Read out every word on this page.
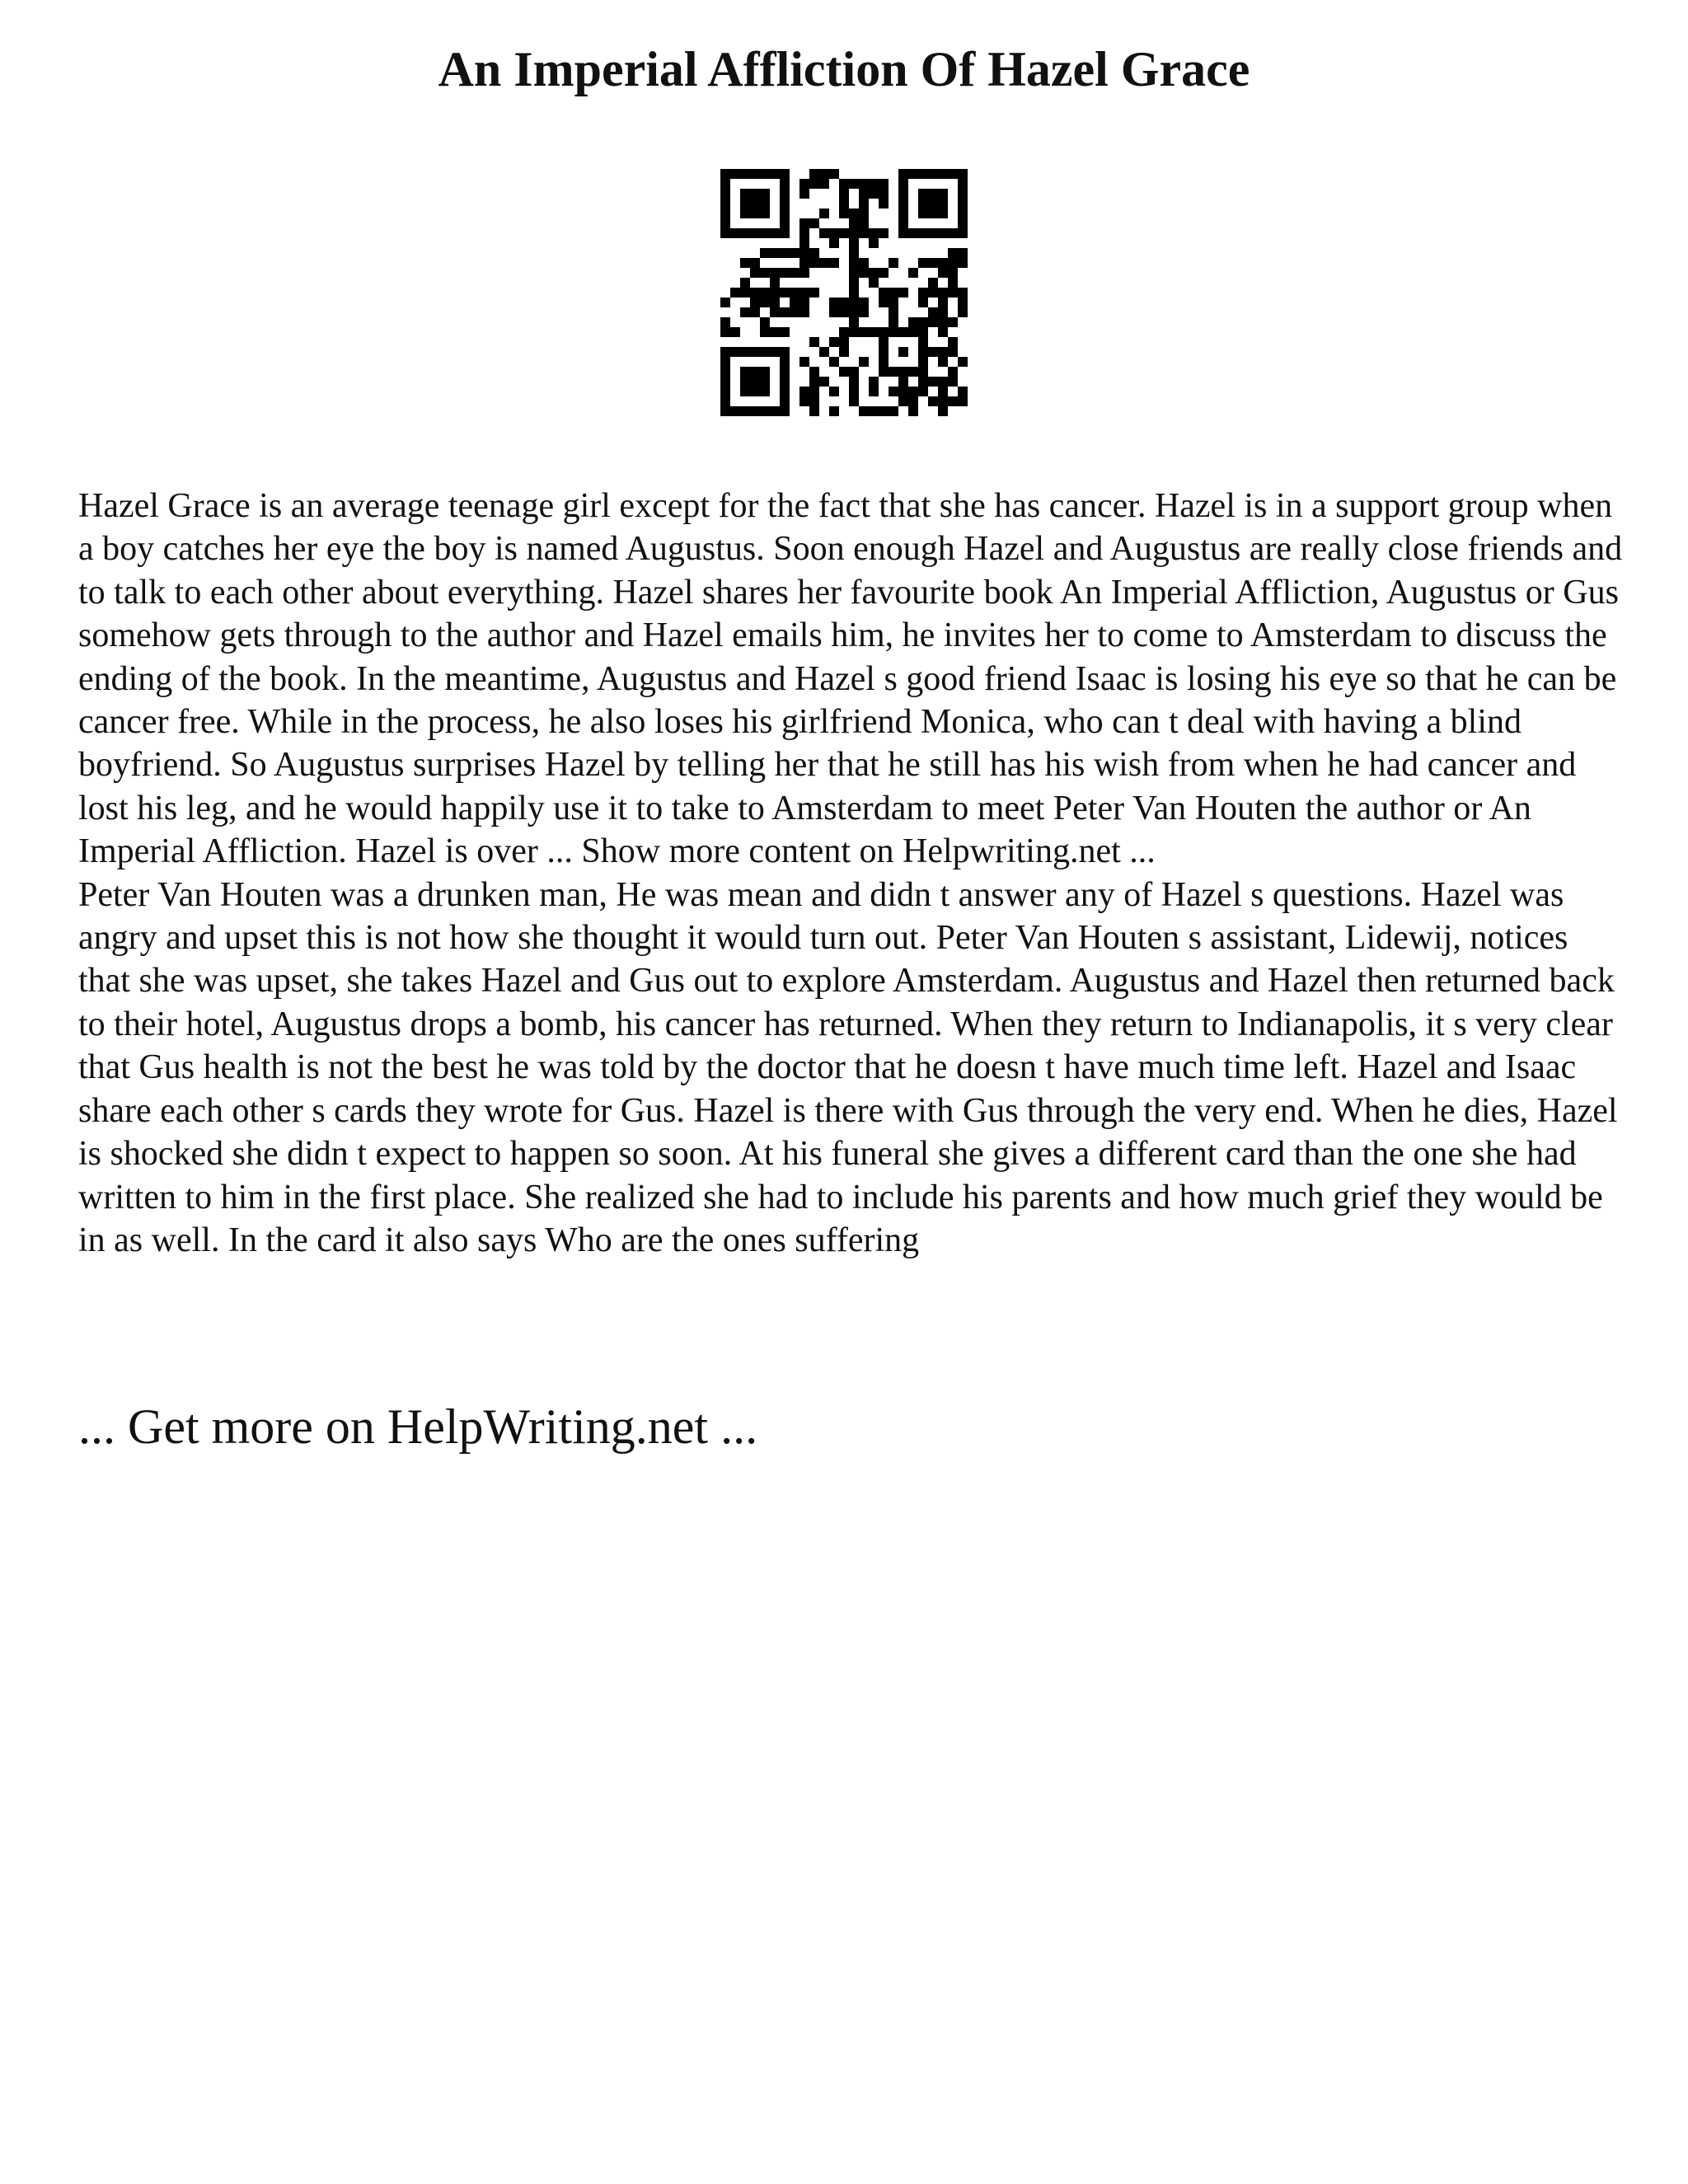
An Imperial Affliction Of Hazel Grace

Hazel Grace is an average teenage girl except for the fact that she has cancer. Hazel is in a support group when a boy catches her eye the boy is named Augustus. Soon enough Hazel and Augustus are really close friends and to talk to each other about everything. Hazel shares her favourite book An Imperial Affliction, Augustus or Gus somehow gets through to the author and Hazel emails him, he invites her to come to Amsterdam to discuss the ending of the book. In the meantime, Augustus and Hazel s good friend Isaac is losing his eye so that he can be cancer free. While in the process, he also loses his girlfriend Monica, who can t deal with having a blind boyfriend. So Augustus surprises Hazel by telling her that he still has his wish from when he had cancer and lost his leg, and he would happily use it to take to Amsterdam to meet Peter Van Houten the author or An Imperial Affliction. Hazel is over ... Show more content on Helpwriting.net ...

Peter Van Houten was a drunken man, He was mean and didn t answer any of Hazel s questions. Hazel was angry and upset this is not how she thought it would turn out. Peter Van Houten s assistant, Lidewij, notices that she was upset, she takes Hazel and Gus out to explore Amsterdam. Augustus and Hazel then returned back to their hotel, Augustus drops a bomb, his cancer has returned. When they return to Indianapolis, it s very clear that Gus health is not the best he was told by the doctor that he doesn t have much time left. Hazel and Isaac share each other s cards they wrote for Gus. Hazel is there with Gus through the very end. When he dies, Hazel is shocked she didn t expect to happen so soon. At his funeral she gives a different card than the one she had written to him in the first place. She realized she had to include his parents and how much grief they would be in as well. In the card it also says Who are the ones suffering

... Get more on HelpWriting.net ...
